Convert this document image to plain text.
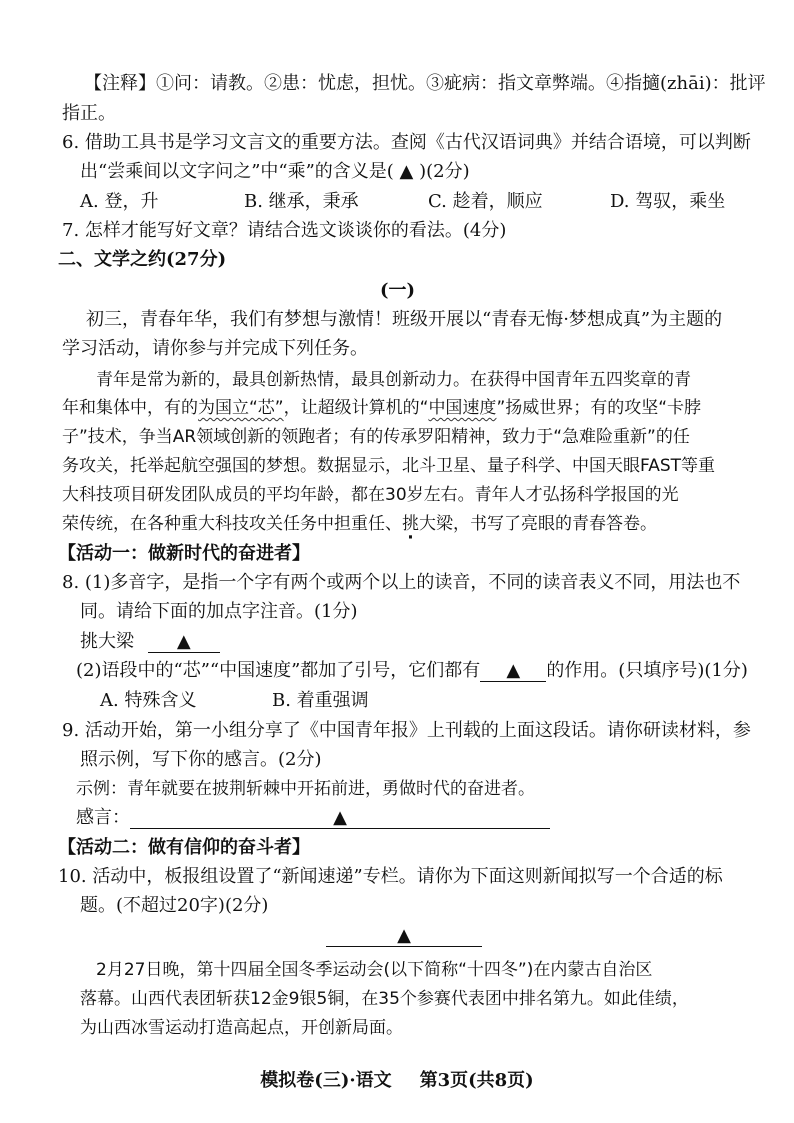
【注释】①问：请教。②患：忧虑，担忧。③疵病：指文章弊端。④指擿(zhāi)：批评
指正。
6. 借助工具书是学习文言文的重要方法。查阅《古代汉语词典》并结合语境，可以判断
出“尝乘间以文字问之”中“乘”的含义是( ▲ )(2分)
A. 登，升	B. 继承，秉承	C. 趁着，顺应	D. 驾驭，乘坐
7. 怎样才能写好文章？请结合选文谈谈你的看法。(4分)
二、文学之约(27分)
(一)
初三，青春年华，我们有梦想与激情！班级开展以“青春无悔·梦想成真”为主题的
学习活动，请你参与并完成下列任务。
青年是常为新的，最具创新热情，最具创新动力。在获得中国青年五四奖章的青
年和集体中，有的为国立“芯”，让超级计算机的“中国速度”扬威世界；有的攻坚“卡脖
子”技术，争当AR领域创新的领跑者；有的传承罗阳精神，致力于“急难险重新”的任
务攻关，托举起航空强国的梦想。数据显示，北斗卫星、量子科学、中国天眼FAST等重
大科技项目研发团队成员的平均年龄，都在30岁左右。青年人才弘扬科学报国的光
荣传统，在各种重大科技攻关任务中担重任、挑大梁，书写了亮眼的青春答卷。
【活动一：做新时代的奋进者】
8. (1)多音字，是指一个字有两个或两个以上的读音，不同的读音表义不同，用法也不
同。请给下面的加点字注音。(1分)
挑大梁 ▲
(2)语段中的“芯”“中国速度”都加了引号，它们都有 ▲ 的作用。(只填序号)(1分)
A. 特殊含义	B. 着重强调
9. 活动开始，第一小组分享了《中国青年报》上刊载的上面这段话。请你研读材料，参
照示例，写下你的感言。(2分)
示例：青年就要在披荆斩棘中开拓前进，勇做时代的奋进者。
感言：	▲
【活动二：做有信仰的奋斗者】
10. 活动中，板报组设置了“新闻速递”专栏。请你为下面这则新闻拟写一个合适的标
题。(不超过20字)(2分)
▲
2月27日晚，第十四届全国冬季运动会(以下简称“十四冬”)在内蒙古自治区
落幕。山西代表团斩获12金9银5铜，在35个参赛代表团中排名第九。如此佳绩，
为山西冰雪运动打造高起点，开创新局面。
模拟卷(三)·语文 第3页(共8页)
